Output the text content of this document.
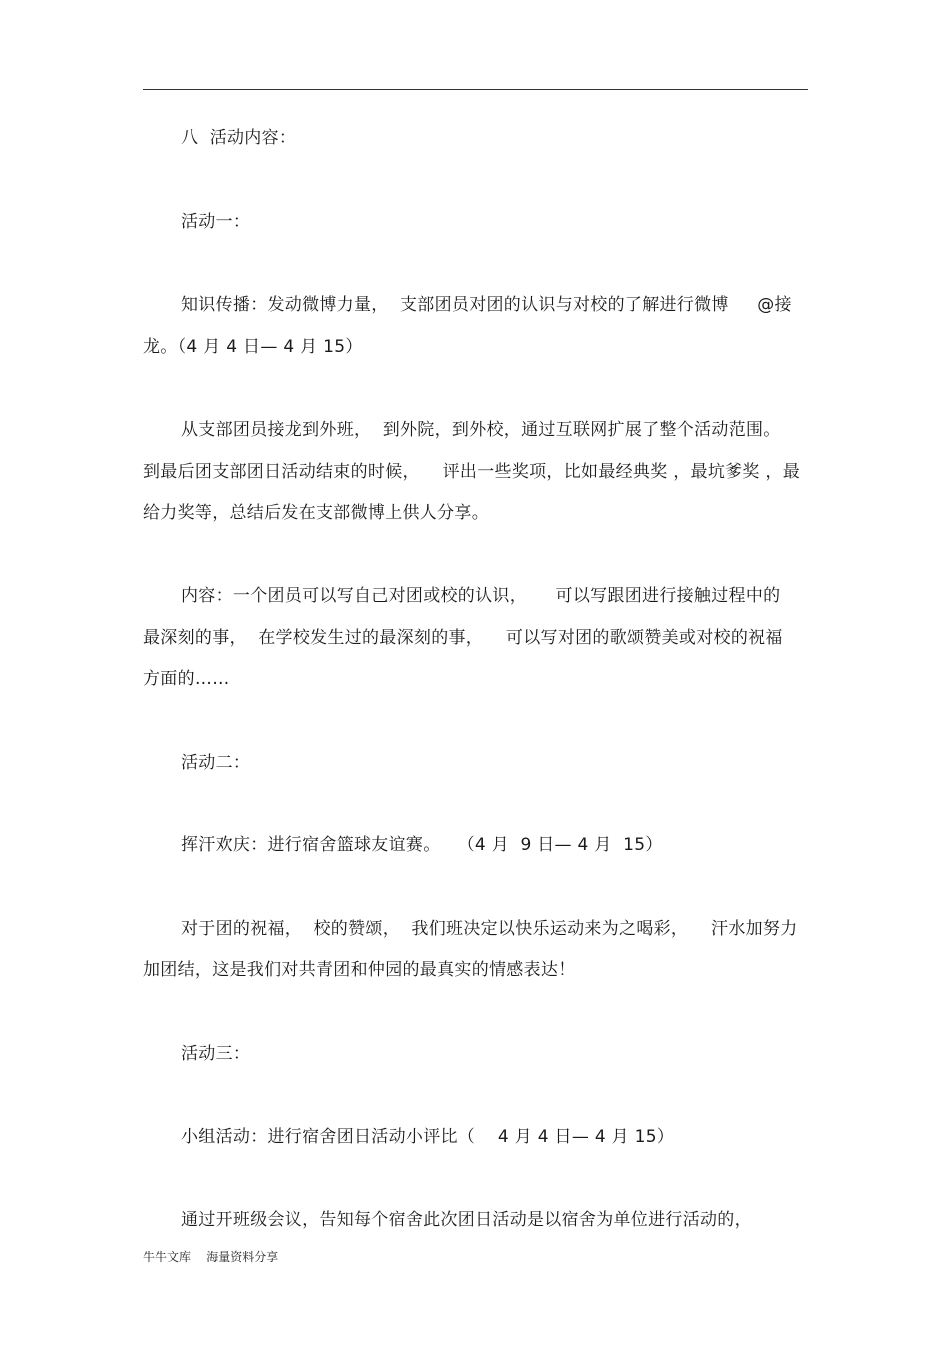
八  活动内容：
活动一：
知识传播：发动微博力量，  支部团员对团的认识与对校的了解进行微博     @接
龙。（4 月 4 日— 4 月 15）
从支部团员接龙到外班，  到外院，到外校，通过互联网扩展了整个活动范围。
到最后团支部团日活动结束的时候，    评出一些奖项，比如最经典奖 ，最坑爹奖 ，最
给力奖等，总结后发在支部微博上供人分享。
内容：一个团员可以写自己对团或校的认识，     可以写跟团进行接触过程中的
最深刻的事，  在学校发生过的最深刻的事，    可以写对团的歌颂赞美或对校的祝福
方面的……
活动二：
挥汗欢庆：进行宿舍篮球友谊赛。   （4 月  9 日— 4 月  15）
对于团的祝福，  校的赞颂，  我们班决定以快乐运动来为之喝彩，    汗水加努力
加团结，这是我们对共青团和仲园的最真实的情感表达！
活动三：
小组活动：进行宿舍团日活动小评比（    4 月 4 日— 4 月 15）
通过开班级会议，告知每个宿舍此次团日活动是以宿舍为单位进行活动的，
牛牛文库    海量资料分享
